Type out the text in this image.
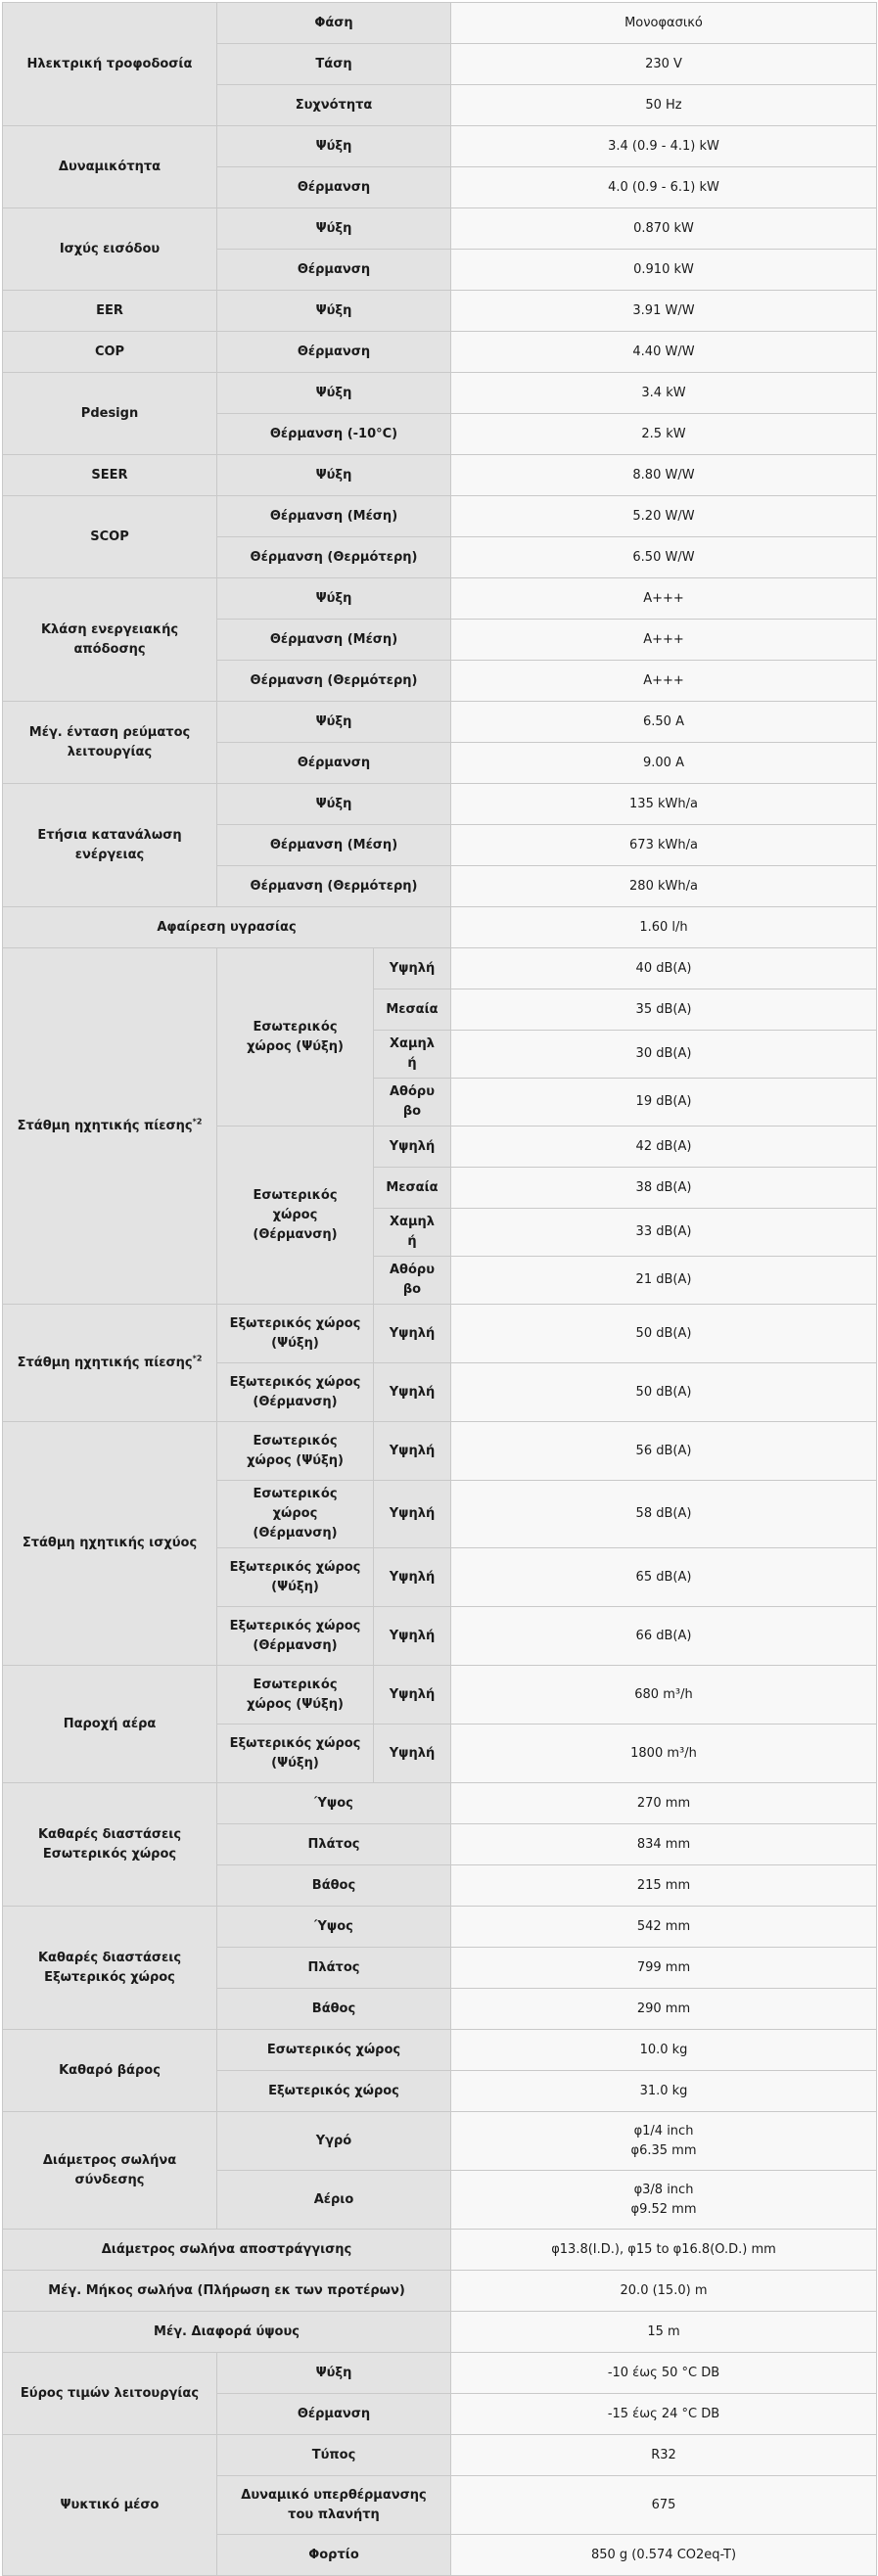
Ηλεκτρική τροφοδοσία	Φάση		Μονοφασικό
	Τάση		230 V
	Συχνότητα		50 Hz
Δυναμικότητα	Ψύξη		3.4 (0.9 - 4.1) kW
	Θέρμανση		4.0 (0.9 - 6.1) kW
Ισχύς εισόδου	Ψύξη		0.870 kW
	Θέρμανση		0.910 kW
EER	Ψύξη		3.91 W/W
COP	Θέρμανση		4.40 W/W
Pdesign	Ψύξη		3.4 kW
	Θέρμανση (-10°C)		2.5 kW
SEER	Ψύξη		8.80 W/W
SCOP	Θέρμανση (Μέση)		5.20 W/W
	Θέρμανση (Θερμότερη)		6.50 W/W
Κλάση ενεργειακής απόδοσης	Ψύξη		A+++
	Θέρμανση (Μέση)		A+++
	Θέρμανση (Θερμότερη)		A+++
Μέγ. ένταση ρεύματος λειτουργίας	Ψύξη		6.50 A
	Θέρμανση		9.00 A
Ετήσια κατανάλωση ενέργειας	Ψύξη		135 kWh/a
	Θέρμανση (Μέση)		673 kWh/a
	Θέρμανση (Θερμότερη)		280 kWh/a
Αφαίρεση υγρασίας			1.60 l/h
Στάθμη ηχητικής πίεσης$^{*2}$	Εσωτερικός χώρος (Ψύξη)	Υψηλή	40 dB(A)
		Μεσαία	35 dB(A)
		Χαμηλή	30 dB(A)
		Αθόρυβο	19 dB(A)
	Εσωτερικός χώρος (Θέρμανση)	Υψηλή	42 dB(A)
		Μεσαία	38 dB(A)
		Χαμηλή	33 dB(A)
		Αθόρυβο	21 dB(A)
Στάθμη ηχητικής πίεσης$^{*2}$	Εξωτερικός χώρος (Ψύξη)	Υψηλή	50 dB(A)
	Εξωτερικός χώρος (Θέρμανση)	Υψηλή	50 dB(A)
Στάθμη ηχητικής ισχύος	Εσωτερικός χώρος (Ψύξη)	Υψηλή	56 dB(A)
	Εσωτερικός χώρος (Θέρμανση)	Υψηλή	58 dB(A)
	Εξωτερικός χώρος (Ψύξη)	Υψηλή	65 dB(A)
	Εξωτερικός χώρος (Θέρμανση)	Υψηλή	66 dB(A)
Παροχή αέρα	Εσωτερικός χώρος (Ψύξη)	Υψηλή	680 m³/h
	Εξωτερικός χώρος (Ψύξη)	Υψηλή	1800 m³/h
Καθαρές διαστάσεις Εσωτερικός χώρος	Ύψος		270 mm
	Πλάτος		834 mm
	Βάθος		215 mm
Καθαρές διαστάσεις Εξωτερικός χώρος	Ύψος		542 mm
	Πλάτος		799 mm
	Βάθος		290 mm
Καθαρό βάρος	Εσωτερικός χώρος		10.0 kg
	Εξωτερικός χώρος		31.0 kg
Διάμετρος σωλήνα σύνδεσης	Υγρό		φ1/4 inch
φ6.35 mm

	Αέριο		φ3/8 inch
φ9.52 mm

Διάμετρος σωλήνα αποστράγγισης			φ13.8(I.D.), φ15 to φ16.8(O.D.) mm
Μέγ. Μήκος σωλήνα (Πλήρωση εκ των προτέρων)			20.0 (15.0) m
Μέγ. Διαφορά ύψους			15 m
Εύρος τιμών λειτουργίας	Ψύξη		-10 έως 50 °C DB
	Θέρμανση		-15 έως 24 °C DB
Ψυκτικό μέσο	Τύπος		R32
	Δυναμικό υπερθέρμανσης του πλανήτη		675
	Φορτίο		850 g (0.574 CO2eq-T)
